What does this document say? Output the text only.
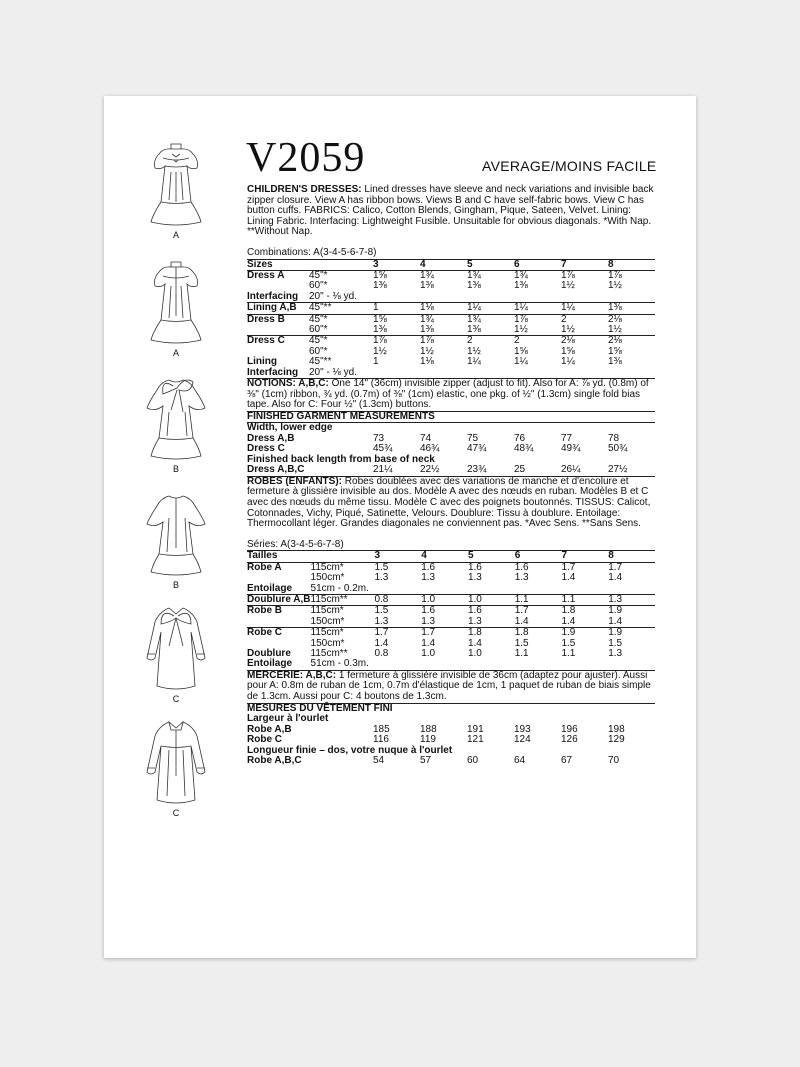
A
A
B
B
C
C
V2059	AVERAGE/MOINS FACILE

CHILDREN'S DRESSES: Lined dresses have sleeve and neck variations and invisible back zipper closure. View A has ribbon bows. Views B and C have self-fabric bows. View C has button cuffs. FABRICS: Calico, Cotton Blends, Gingham, Pique, Sateen, Velvet. Lining: Lining Fabric. Interfacing: Lightweight Fusible. Unsuitable for obvious diagonals. *With Nap. **Without Nap.

Combinations: A(3-4-5-6-7-8)
Sizes		3	4	5	6	7	8
Dress A	45"*	1⅝	1¾	1¾	1¾	1⅞	1⅞
	60"*	1⅜	1⅜	1⅜	1⅜	1½	1½
Interfacing	20" - ⅛ yd.						
Lining A,B	45"**	1	1⅛	1¼	1¼	1¼	1⅜
Dress B	45"*	1⅝	1¾	1¾	1⅞	2	2⅛
	60"*	1⅜	1⅜	1⅜	1½	1½	1½
Dress C	45"*	1⅞	1⅞	2	2	2⅛	2⅛
	60"*	1½	1½	1½	1⅝	1⅝	1⅝
Lining	45"**	1	1⅛	1¼	1¼	1¼	1⅜
Interfacing	20" - ⅛ yd.						

NOTIONS: A,B,C: One 14" (36cm) invisible zipper (adjust to fit). Also for A: ⅞ yd. (0.8m) of ⅜" (1cm) ribbon, ¾ yd. (0.7m) of ⅜" (1cm) elastic, one pkg. of ½" (1.3cm) single fold bias tape. Also for C: Four ½" (1.3cm) buttons.

FINISHED GARMENT MEASUREMENTS
Width, lower edge
Dress A,B	73	74	75	76	77	78
Dress C	45¾	46¾	47¾	48¾	49¾	50¾
Finished back length from base of neck
Dress A,B,C	21¼	22½	23¾	25	26¼	27½

ROBES (ENFANTS): Robes doublées avec des variations de manche et d'encolure et fermeture à glissière invisible au dos. Modèle A avec des nœuds en ruban. Modèles B et C avec des nœuds du même tissu. Modèle C avec des poignets boutonnés. TISSUS: Calicot, Cotonnades, Vichy, Piqué, Satinette, Velours. Doublure: Tissu à doublure. Entoilage: Thermocollant léger. Grandes diagonales ne conviennent pas. *Avec Sens. **Sans Sens.

Séries: A(3-4-5-6-7-8)
Tailles		3	4	5	6	7	8
Robe A	115cm*	1.5	1.6	1.6	1.6	1.7	1.7
	150cm*	1.3	1.3	1.3	1.3	1.4	1.4
Entoilage	51cm - 0.2m.						
Doublure A,B	115cm**	0.8	1.0	1.0	1.1	1.1	1.3
Robe B	115cm*	1.5	1.6	1.6	1.7	1.8	1.9
	150cm*	1.3	1.3	1.3	1.4	1.4	1.4
Robe C	115cm*	1.7	1.7	1.8	1.8	1.9	1.9
	150cm*	1.4	1.4	1.4	1.5	1.5	1.5
Doublure	115cm**	0.8	1.0	1.0	1.1	1.1	1.3
Entoilage	51cm - 0.3m.						

MERCERIE: A,B,C: 1 fermeture à glissière invisible de 36cm (adaptez pour ajuster). Aussi pour A: 0.8m de ruban de 1cm, 0.7m d'élastique de 1cm, 1 paquet de ruban de biais simple de 1.3cm. Aussi pour C: 4 boutons de 1.3cm.

MESURES DU VÊTEMENT FINI
Largeur à l'ourlet
Robe A,B	185	188	191	193	196	198
Robe C	116	119	121	124	126	129
Longueur finie – dos, votre nuque à l'ourlet
Robe A,B,C	54	57	60	64	67	70
